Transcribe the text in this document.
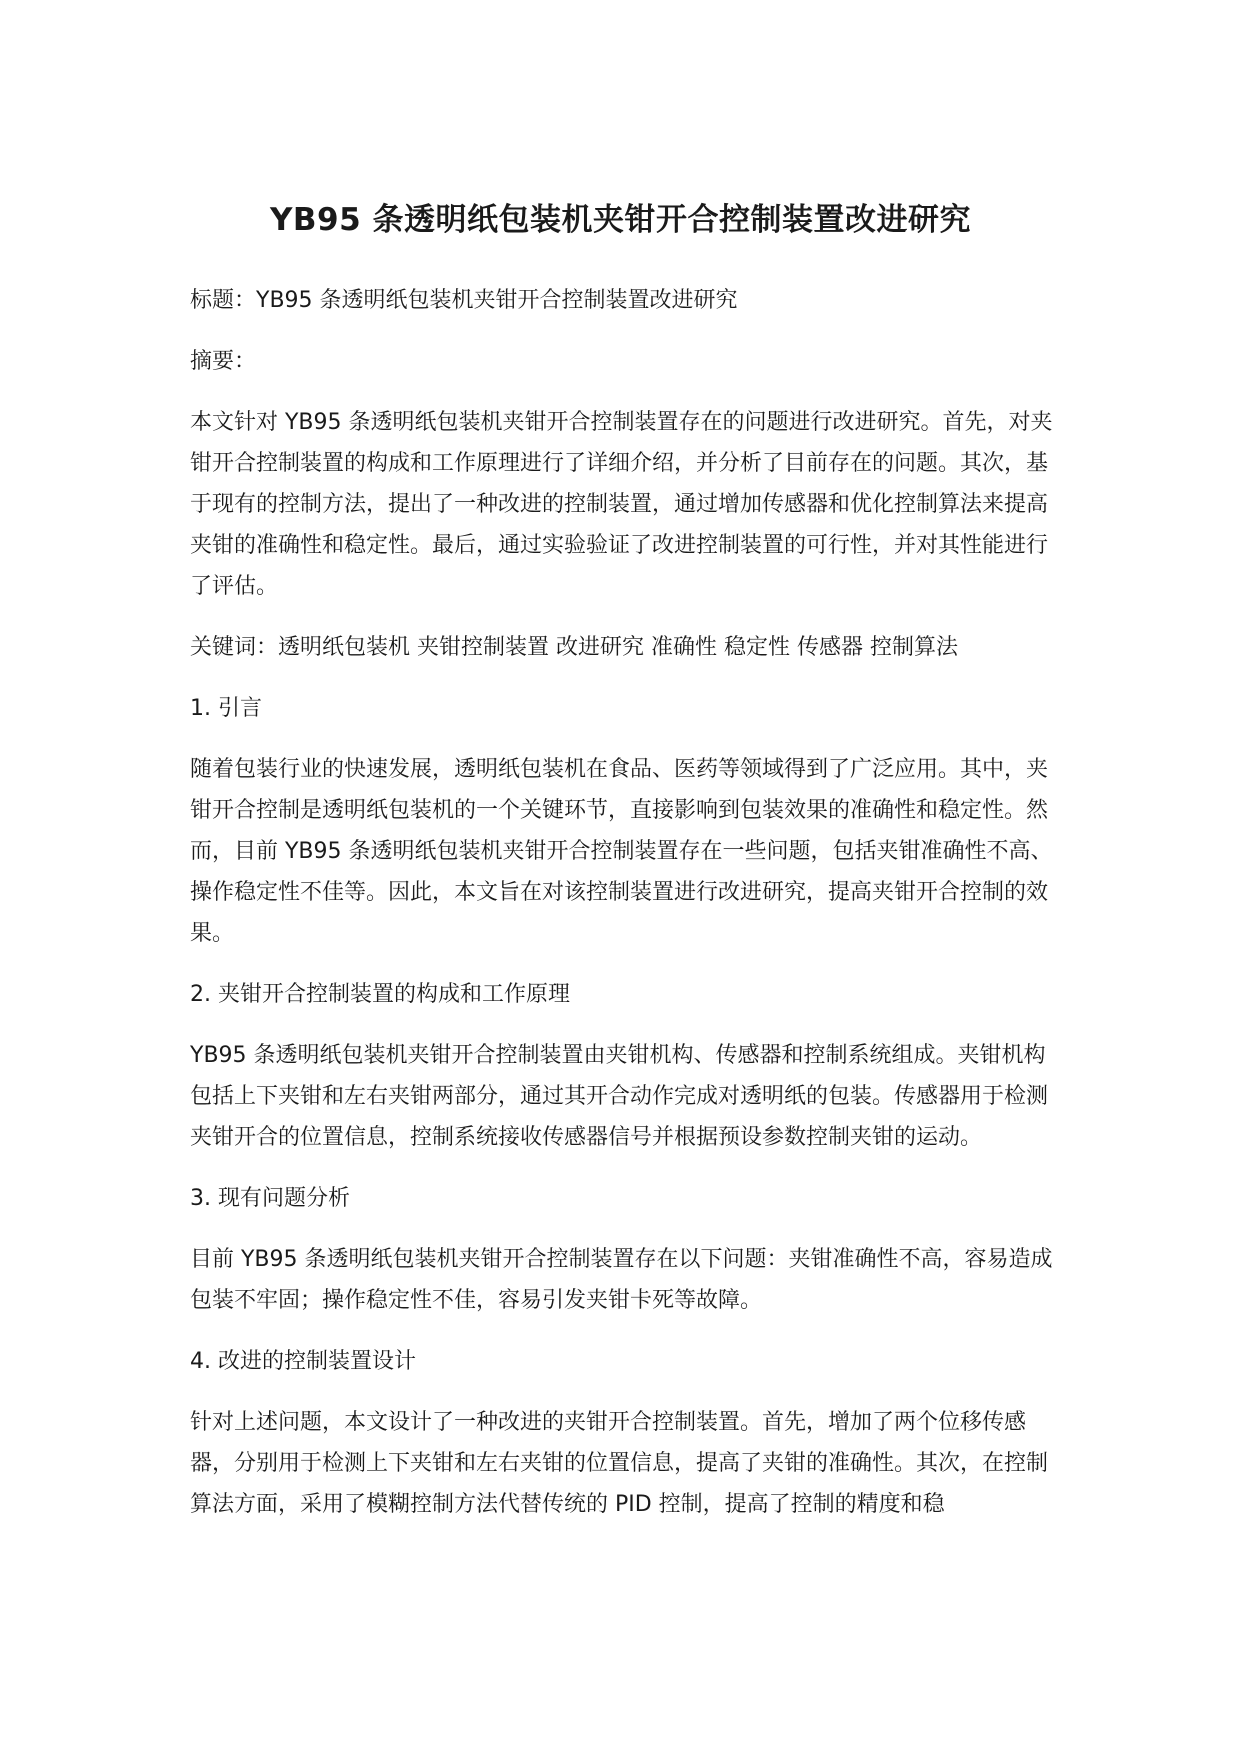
YB95 条透明纸包装机夹钳开合控制装置改进研究

标题：YB95 条透明纸包装机夹钳开合控制装置改进研究

摘要：

本文针对 YB95 条透明纸包装机夹钳开合控制装置存在的问题进行改进研究。首先，对夹钳开合控制装置的构成和工作原理进行了详细介绍，并分析了目前存在的问题。其次，基于现有的控制方法，提出了一种改进的控制装置，通过增加传感器和优化控制算法来提高夹钳的准确性和稳定性。最后，通过实验验证了改进控制装置的可行性，并对其性能进行了评估。

关键词：透明纸包装机 夹钳控制装置 改进研究 准确性 稳定性 传感器 控制算法

1. 引言

随着包装行业的快速发展，透明纸包装机在食品、医药等领域得到了广泛应用。其中，夹钳开合控制是透明纸包装机的一个关键环节，直接影响到包装效果的准确性和稳定性。然而，目前 YB95 条透明纸包装机夹钳开合控制装置存在一些问题，包括夹钳准确性不高、操作稳定性不佳等。因此，本文旨在对该控制装置进行改进研究，提高夹钳开合控制的效果。

2. 夹钳开合控制装置的构成和工作原理

YB95 条透明纸包装机夹钳开合控制装置由夹钳机构、传感器和控制系统组成。夹钳机构包括上下夹钳和左右夹钳两部分，通过其开合动作完成对透明纸的包装。传感器用于检测夹钳开合的位置信息，控制系统接收传感器信号并根据预设参数控制夹钳的运动。

3. 现有问题分析

目前 YB95 条透明纸包装机夹钳开合控制装置存在以下问题：夹钳准确性不高，容易造成包装不牢固；操作稳定性不佳，容易引发夹钳卡死等故障。

4. 改进的控制装置设计

针对上述问题，本文设计了一种改进的夹钳开合控制装置。首先，增加了两个位移传感器，分别用于检测上下夹钳和左右夹钳的位置信息，提高了夹钳的准确性。其次，在控制算法方面，采用了模糊控制方法代替传统的 PID 控制，提高了控制的精度和稳
